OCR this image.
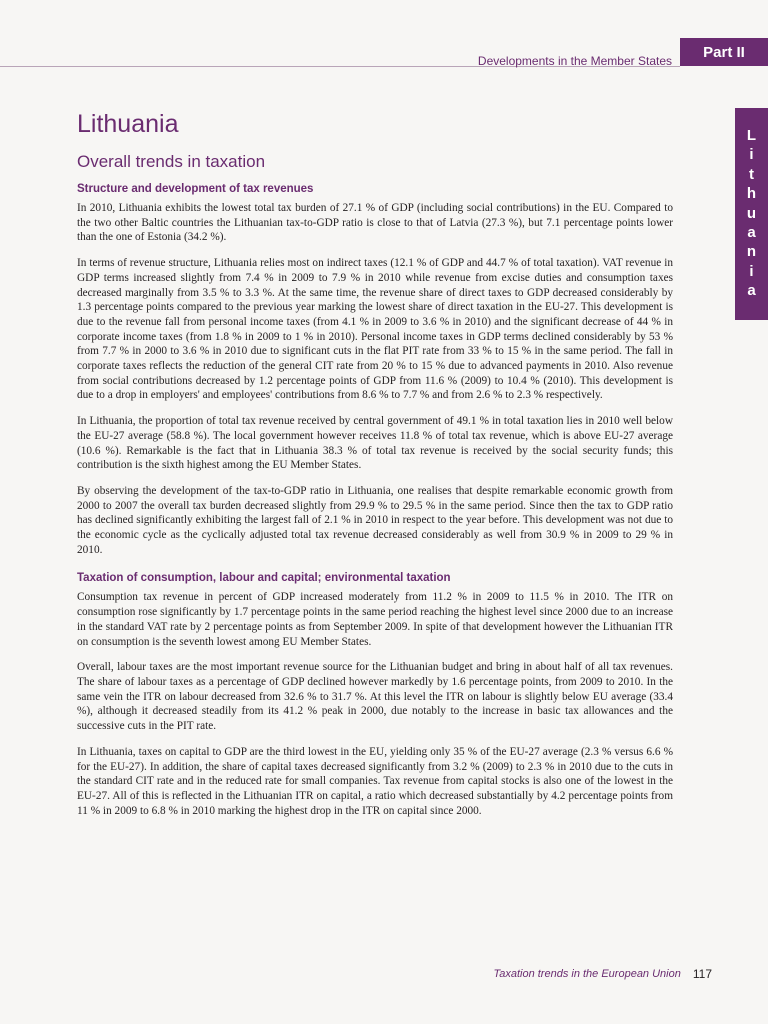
Part II
Developments in the Member States
L
i
t
h
u
a
n
i
a
Lithuania
Overall trends in taxation
Structure and development of tax revenues

In 2010, Lithuania exhibits the lowest total tax burden of 27.1 % of GDP (including social contributions) in the EU. Compared to the two other Baltic countries the Lithuanian tax-to-GDP ratio is close to that of Latvia (27.3 %), but 7.1 percentage points lower than the one of Estonia (34.2 %).

In terms of revenue structure, Lithuania relies most on indirect taxes (12.1 % of GDP and 44.7 % of total taxation). VAT revenue in GDP terms increased slightly from 7.4 % in 2009 to 7.9 % in 2010 while revenue from excise duties and consumption taxes decreased marginally from 3.5 % to 3.3 %. At the same time, the revenue share of direct taxes to GDP decreased considerably by 1.3 percentage points compared to the previous year marking the lowest share of direct taxation in the EU-27. This development is due to the revenue fall from personal income taxes (from 4.1 % in 2009 to 3.6 % in 2010) and the significant decrease of 44 % in corporate income taxes (from 1.8 % in 2009 to 1 % in 2010). Personal income taxes in GDP terms declined considerably by 53 % from 7.7 % in 2000 to 3.6 % in 2010 due to significant cuts in the flat PIT rate from 33 % to 15 % in the same period. The fall in corporate taxes reflects the reduction of the general CIT rate from 20 % to 15 % due to advanced payments in 2010. Also revenue from social contributions decreased by 1.2 percentage points of GDP from 11.6 % (2009) to 10.4 % (2010). This development is due to a drop in employers' and employees' contributions from 8.6 % to 7.7 % and from 2.6 % to 2.3 % respectively.

In Lithuania, the proportion of total tax revenue received by central government of 49.1 % in total taxation lies in 2010 well below the EU-27 average (58.8 %). The local government however receives 11.8 % of total tax revenue, which is above EU-27 average (10.6 %). Remarkable is the fact that in Lithuania 38.3 % of total tax revenue is received by the social security funds; this contribution is the sixth highest among the EU Member States.

By observing the development of the tax-to-GDP ratio in Lithuania, one realises that despite remarkable economic growth from 2000 to 2007 the overall tax burden decreased slightly from 29.9 % to 29.5 % in the same period. Since then the tax to GDP ratio has declined significantly exhibiting the largest fall of 2.1 % in 2010 in respect to the year before. This development was not due to the economic cycle as the cyclically adjusted total tax revenue decreased considerably as well from 30.9 % in 2009 to 29 % in 2010.

Taxation of consumption, labour and capital; environmental taxation

Consumption tax revenue in percent of GDP increased moderately from 11.2 % in 2009 to 11.5 % in 2010. The ITR on consumption rose significantly by 1.7 percentage points in the same period reaching the highest level since 2000 due to an increase in the standard VAT rate by 2 percentage points as from September 2009. In spite of that development however the Lithuanian ITR on consumption is the seventh lowest among EU Member States.

Overall, labour taxes are the most important revenue source for the Lithuanian budget and bring in about half of all tax revenues. The share of labour taxes as a percentage of GDP declined however markedly by 1.6 percentage points, from 2009 to 2010. In the same vein the ITR on labour decreased from 32.6 % to 31.7 %. At this level the ITR on labour is slightly below EU average (33.4 %), although it decreased steadily from its 41.2 % peak in 2000, due notably to the increase in basic tax allowances and the successive cuts in the PIT rate.

In Lithuania, taxes on capital to GDP are the third lowest in the EU, yielding only 35 % of the EU-27 average (2.3 % versus 6.6 % for the EU-27). In addition, the share of capital taxes decreased significantly from 3.2 % (2009) to 2.3 % in 2010 due to the cuts in the standard CIT rate and in the reduced rate for small companies. Tax revenue from capital stocks is also one of the lowest in the EU-27. All of this is reflected in the Lithuanian ITR on capital, a ratio which decreased substantially by 4.2 percentage points from 11 % in 2009 to 6.8 % in 2010 marking the highest drop in the ITR on capital since 2000.

Taxation trends in the European Union 117
